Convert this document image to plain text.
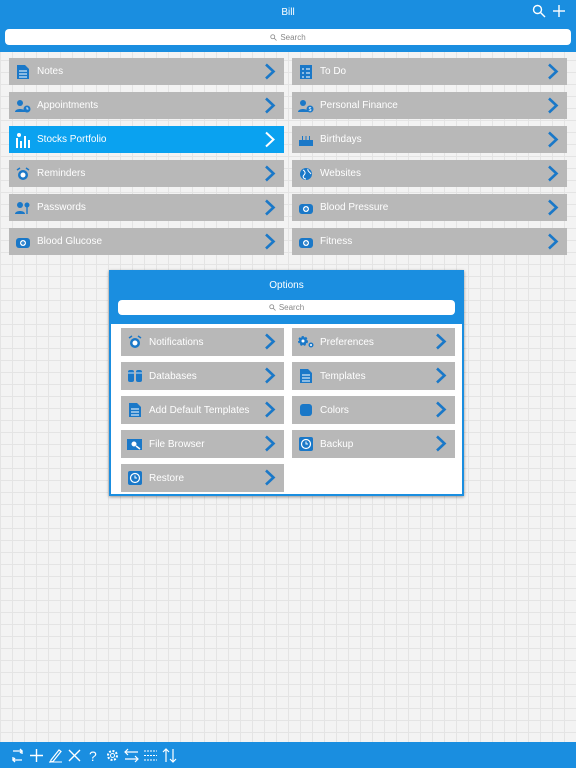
Bill
Search
Notes	To Do
Appointments	$ Personal Finance
Stocks Portfolio	Birthdays
Reminders	Websites
Passwords	Blood Pressure
Blood Glucose	Fitness
Options
Search
Notifications	Preferences
Databases	Templates
Add Default Templates	Colors
File Browser	Backup
Restore
?
